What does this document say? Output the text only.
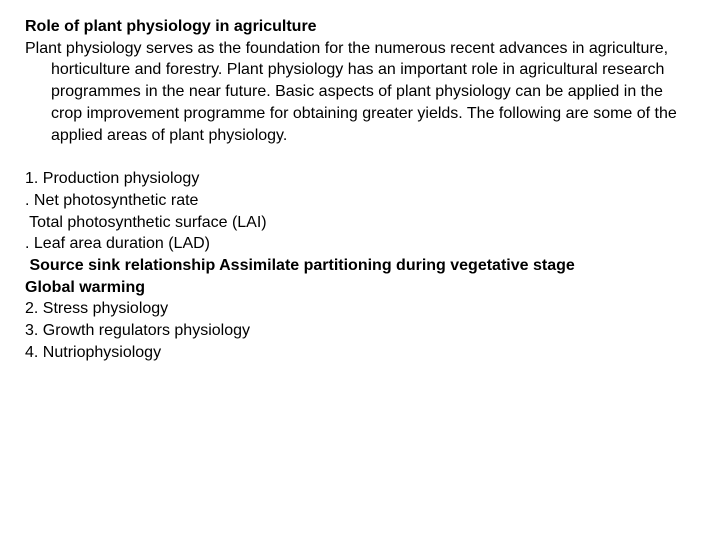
Role of plant physiology in agriculture

Plant physiology serves as the foundation for the numerous recent advances in agriculture, horticulture and forestry. Plant physiology has an important role in agricultural research programmes in the near future. Basic aspects of plant physiology can be applied in the crop improvement programme for obtaining greater yields. The following are some of the applied areas of plant physiology.

1. Production physiology
. Net photosynthetic rate
Total photosynthetic surface (LAI)
. Leaf area duration (LAD)
Source sink relationship Assimilate partitioning during vegetative stage
Global warming
2. Stress physiology
3. Growth regulators physiology
4. Nutriophysiology
